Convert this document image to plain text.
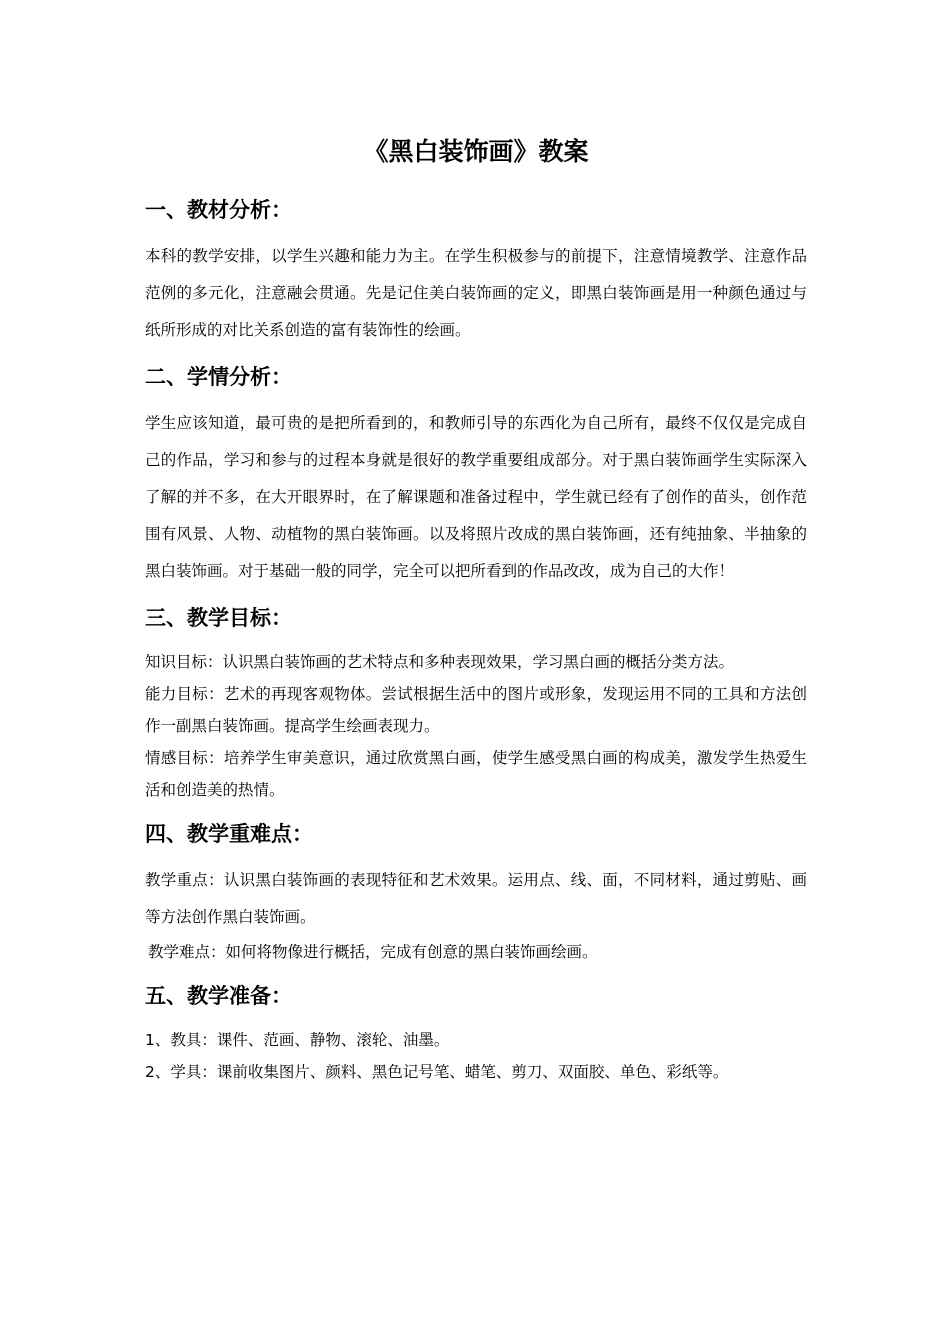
《黑白装饰画》教案
一、教材分析：

本科的教学安排，以学生兴趣和能力为主。在学生积极参与的前提下，注意情境教学、注意作品范例的多元化，注意融会贯通。先是记住美白装饰画的定义，即黑白装饰画是用一种颜色通过与纸所形成的对比关系创造的富有装饰性的绘画。

二、学情分析：

学生应该知道，最可贵的是把所看到的，和教师引导的东西化为自己所有，最终不仅仅是完成自己的作品，学习和参与的过程本身就是很好的教学重要组成部分。对于黑白装饰画学生实际深入了解的并不多，在大开眼界时，在了解课题和准备过程中，学生就已经有了创作的苗头，创作范围有风景、人物、动植物的黑白装饰画。以及将照片改成的黑白装饰画，还有纯抽象、半抽象的黑白装饰画。对于基础一般的同学，完全可以把所看到的作品改改，成为自己的大作！

三、教学目标：

知识目标：认识黑白装饰画的艺术特点和多种表现效果，学习黑白画的概括分类方法。

能力目标：艺术的再现客观物体。尝试根据生活中的图片或形象，发现运用不同的工具和方法创作一副黑白装饰画。提高学生绘画表现力。

情感目标：培养学生审美意识，通过欣赏黑白画，使学生感受黑白画的构成美，激发学生热爱生活和创造美的热情。

四、教学重难点：

教学重点：认识黑白装饰画的表现特征和艺术效果。运用点、线、面，不同材料，通过剪贴、画等方法创作黑白装饰画。

教学难点：如何将物像进行概括，完成有创意的黑白装饰画绘画。

五、教学准备：

1、教具：课件、范画、静物、滚轮、油墨。

2、学具：课前收集图片、颜料、黑色记号笔、蜡笔、剪刀、双面胶、单色、彩纸等。
